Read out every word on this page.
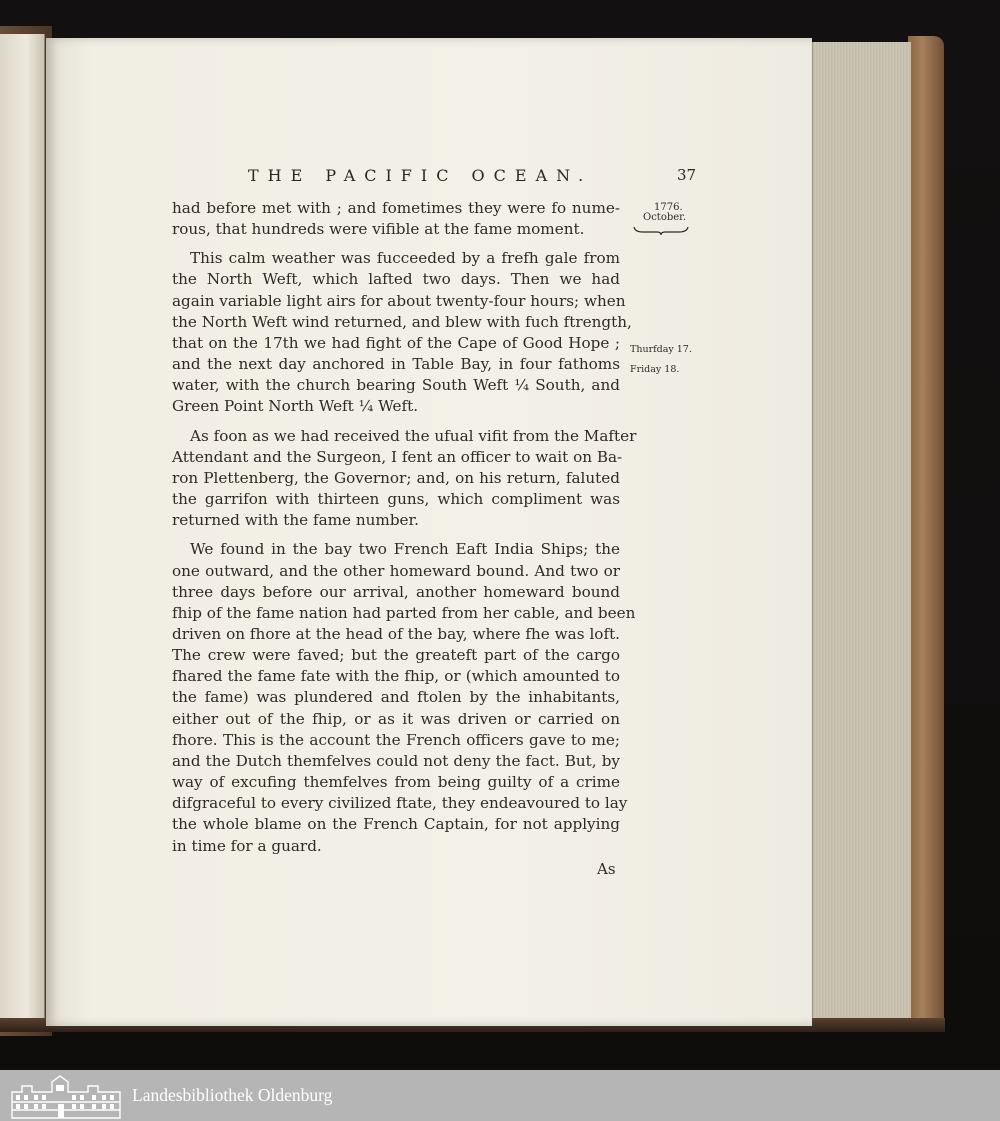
THE PACIFIC OCEAN.	37
1776.
October.
Thurfday 17.
Friday 18.

had before met with ; and fometimes they were fo nume-
rous, that hundreds were vifible at the fame moment.

This calm weather was fucceeded by a frefh gale from
the North Weft, which lafted two days. Then we had
again variable light airs for about twenty-four hours; when
the North Weft wind returned, and blew with fuch ftrength,
that on the 17th we had fight of the Cape of Good Hope ;
and the next day anchored in Table Bay, in four fathoms
water, with the church bearing South Weft ¼ South, and
Green Point North Weft ¼ Weft.

As foon as we had received the ufual vifit from the Mafter
Attendant and the Surgeon, I fent an officer to wait on Ba-
ron Plettenberg, the Governor; and, on his return, faluted
the garrifon with thirteen guns, which compliment was
returned with the fame number.

We found in the bay two French Eaft India Ships; the
one outward, and the other homeward bound. And two or
three days before our arrival, another homeward bound
fhip of the fame nation had parted from her cable, and been
driven on fhore at the head of the bay, where fhe was loft.
The crew were faved; but the greateft part of the cargo
fhared the fame fate with the fhip, or (which amounted to
the fame) was plundered and ftolen by the inhabitants,
either out of the fhip, or as it was driven or carried on
fhore. This is the account the French officers gave to me;
and the Dutch themfelves could not deny the fact. But, by
way of excufing themfelves from being guilty of a crime
difgraceful to every civilized ftate, they endeavoured to lay
the whole blame on the French Captain, for not applying
in time for a guard.

As
Landesbibliothek Oldenburg
